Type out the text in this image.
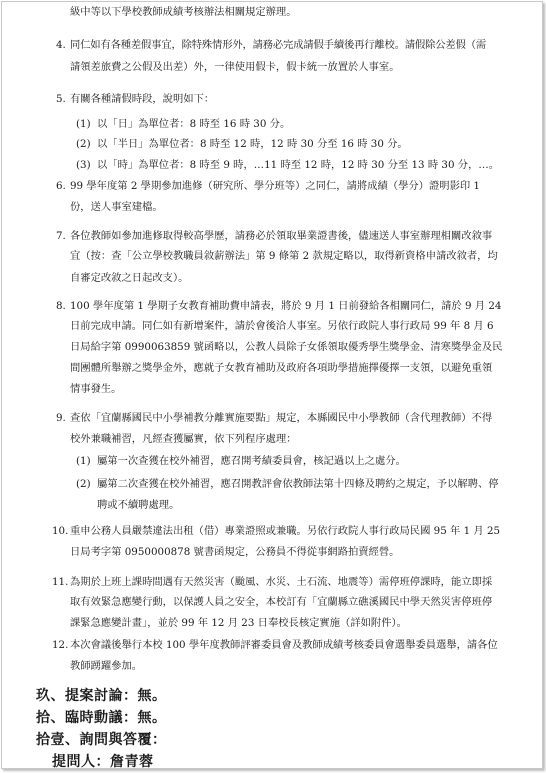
級中等以下學校教師成績考核辦法相關規定辦理。
4. 同仁如有各種差假事宜，除特殊情形外，請務必完成請假手續後再行離校。請假除公差假（需
請領差旅費之公假及出差）外，一律使用假卡，假卡統一放置於人事室。
5. 有關各種請假時段，說明如下：
(1) 以「日」為單位者：8 時至 16 時 30 分。
(2) 以「半日」為單位者：8 時至 12 時，12 時 30 分至 16 時 30 分。
(3) 以「時」為單位者：8 時至 9 時，…11 時至 12 時，12 時 30 分至 13 時 30 分，…。
6. 99 學年度第 2 學期參加進修（研究所、學分班等）之同仁，請將成績（學分）證明影印 1
份，送人事室建檔。
7. 各位教師如參加進修取得較高學歷，請務必於領取畢業證書後，儘速送人事室辦理相關改敘事
宜（按：查「公立學校教職員敘薪辦法」第 9 條第 2 款規定略以，取得新資格申請改敘者，均
自審定改敘之日起改支）。
8. 100 學年度第 1 學期子女教育補助費申請表，將於 9 月 1 日前發給各相關同仁，請於 9 月 24
日前完成申請。同仁如有新增案件，請於會後洽人事室。另依行政院人事行政局 99 年 8 月 6
日局給字第 0990063859 號函略以，公教人員除子女係領取優秀學生獎學金、清寒獎學金及民
間團體所舉辦之獎學金外，應就子女教育補助及政府各項助學措施擇優擇一支領，以避免重領
情事發生。
9. 查依「宜蘭縣國民中小學補教分離實施要點」規定，本縣國民中小學教師（含代理教師）不得
校外兼職補習，凡經查獲屬實，依下列程序處理：
(1) 屬第一次查獲在校外補習，應召開考績委員會，核記過以上之處分。
(2) 屬第二次查獲在校外補習，應召開教評會依教師法第十四條及聘約之規定，予以解聘、停
聘或不續聘處理。
10. 重申公務人員嚴禁違法出租（借）專業證照或兼職。另依行政院人事行政局民國 95 年 1 月 25
日局考字第 0950000878 號書函規定，公務員不得從事網路拍賣經營。
11. 為期於上班上課時間遇有天然災害（颱風、水災、土石流、地震等）需停班停課時，能立即採
取有效緊急應變行動，以保護人員之安全，本校訂有「宜蘭縣立礁溪國民中學天然災害停班停
課緊急應變計畫」，並於 99 年 12 月 23 日奉校長核定實施（詳如附件）。
12. 本次會議後舉行本校 100 學年度教師評審委員會及教師成績考核委員會選舉委員選舉，請各位
教師踴躍參加。
玖、提案討論：無。
拾、臨時動議：無。
拾壹、詢問與答覆：
提問人：詹青蓉
